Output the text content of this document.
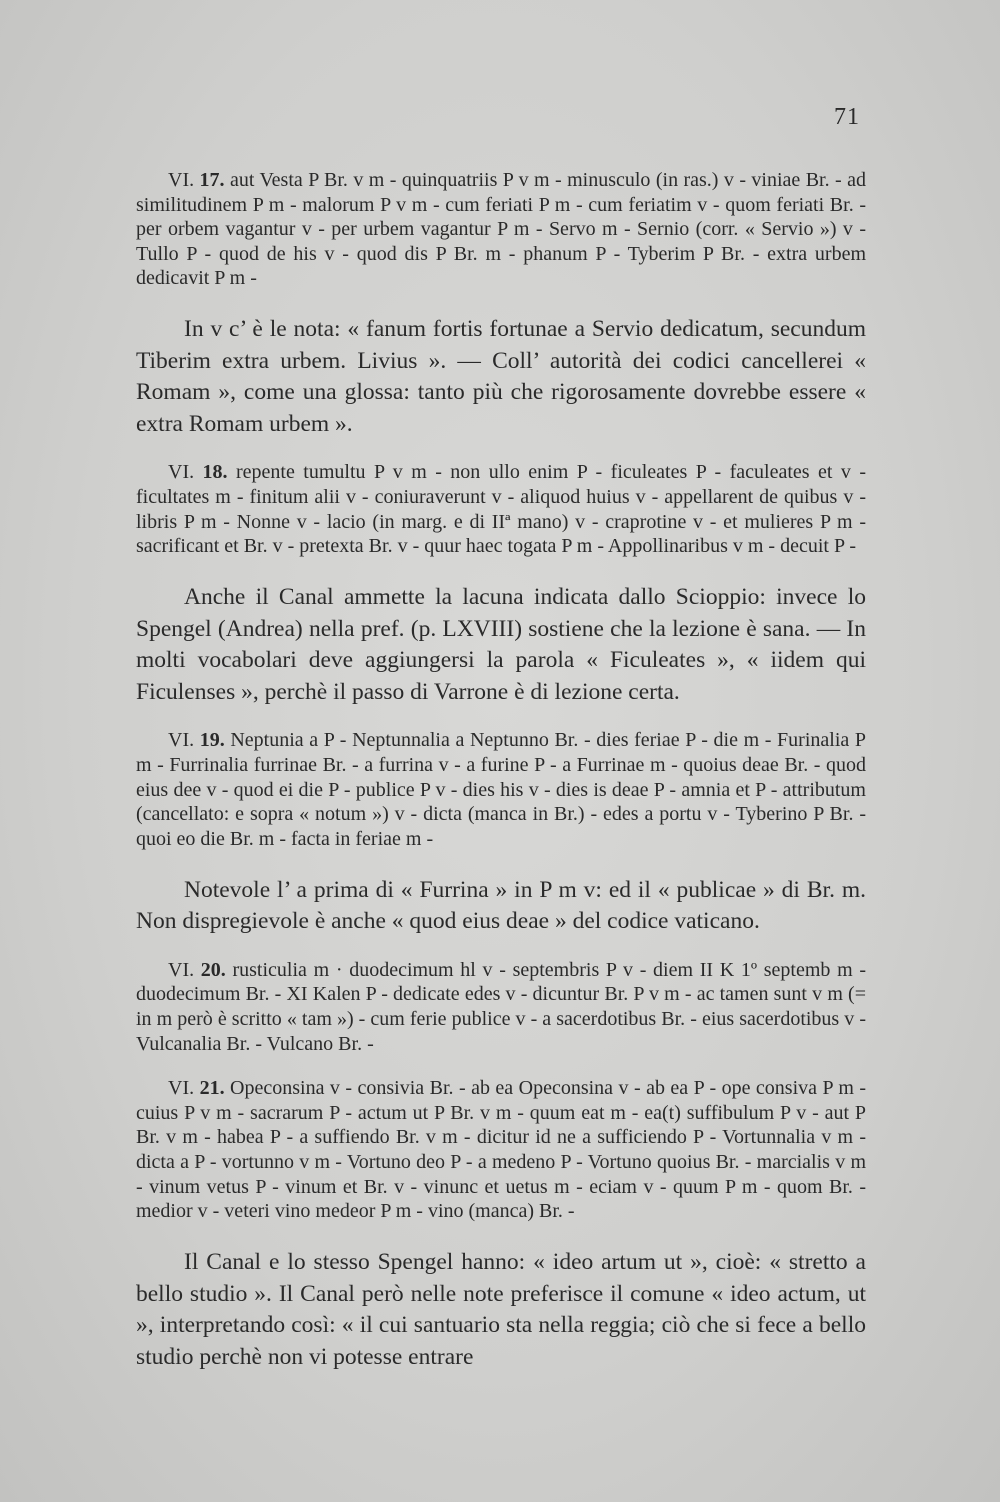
71

VI. 17. aut Vesta P Br. v m - quinquatriis P v m - minusculo (in ras.) v - viniae Br. - ad similitudinem P m - malorum P v m - cum feriati P m - cum feriatim v - quom feriati Br. - per orbem vagantur v - per urbem vagantur P m - Servo m - Sernio (corr. « Servio ») v - Tullo P - quod de his v - quod dis P Br. m - phanum P - Tyberim P Br. - extra urbem dedicavit P m -

In v c’ è le nota: « fanum fortis fortunae a Servio dedicatum, secundum Tiberim extra urbem. Livius ». — Coll’ autorità dei codici cancellerei « Romam », come una glossa: tanto più che rigorosamente dovrebbe essere « extra Romam urbem ».

VI. 18. repente tumultu P v m - non ullo enim P - ficuleates P - faculeates et v - ficultates m - finitum alii v - coniuraverunt v - aliquod huius v - appellarent de quibus v - libris P m - Nonne v - lacio (in marg. e di IIª mano) v - craprotine v - et mulieres P m - sacrificant et Br. v - pretexta Br. v - quur haec togata P m - Appollinaribus v m - decuit P -

Anche il Canal ammette la lacuna indicata dallo Scioppio: invece lo Spengel (Andrea) nella pref. (p. LXVIII) sostiene che la lezione è sana. — In molti vocabolari deve aggiungersi la parola « Ficuleates », « iidem qui Ficulenses », perchè il passo di Varrone è di lezione certa.

VI. 19. Neptunia a P - Neptunnalia a Neptunno Br. - dies feriae P - die m - Furinalia P m - Furrinalia furrinae Br. - a furrina v - a furine P - a Furrinae m - quoius deae Br. - quod eius dee v - quod ei die P - publice P v - dies his v - dies is deae P - amnia et P - attributum (cancellato: e sopra « notum ») v - dicta (manca in Br.) - edes a portu v - Tyberino P Br. - quoi eo die Br. m - facta in feriae m -

Notevole l’ a prima di « Furrina » in P m v: ed il « publicae » di Br. m. Non dispregievole è anche « quod eius deae » del codice vaticano.

VI. 20. rusticulia m · duodecimum hl v - septembris P v - diem II K 1º septemb m - duodecimum Br. - XI Kalen P - dedicate edes v - dicuntur Br. P v m - ac tamen sunt v m (= in m però è scritto « tam ») - cum ferie publice v - a sacerdotibus Br. - eius sacerdotibus v - Vulcanalia Br. - Vulcano Br. -

VI. 21. Opeconsina v - consivia Br. - ab ea Opeconsina v - ab ea P - ope consiva P m - cuius P v m - sacrarum P - actum ut P Br. v m - quum eat m - ea(t) suffibulum P v - aut P Br. v m - habea P - a suffiendo Br. v m - dicitur id ne a sufficiendo P - Vortunnalia v m - dicta a P - vortunno v m - Vortuno deo P - a medeno P - Vortuno quoius Br. - marcialis v m - vinum vetus P - vinum et Br. v - vinunc et uetus m - eciam v - quum P m - quom Br. - medior v - veteri vino medeor P m - vino (manca) Br. -

Il Canal e lo stesso Spengel hanno: « ideo artum ut », cioè: « stretto a bello studio ». Il Canal però nelle note preferisce il comune « ideo actum, ut », interpretando così: « il cui santuario sta nella reggia; ciò che si fece a bello studio perchè non vi potesse entrare
